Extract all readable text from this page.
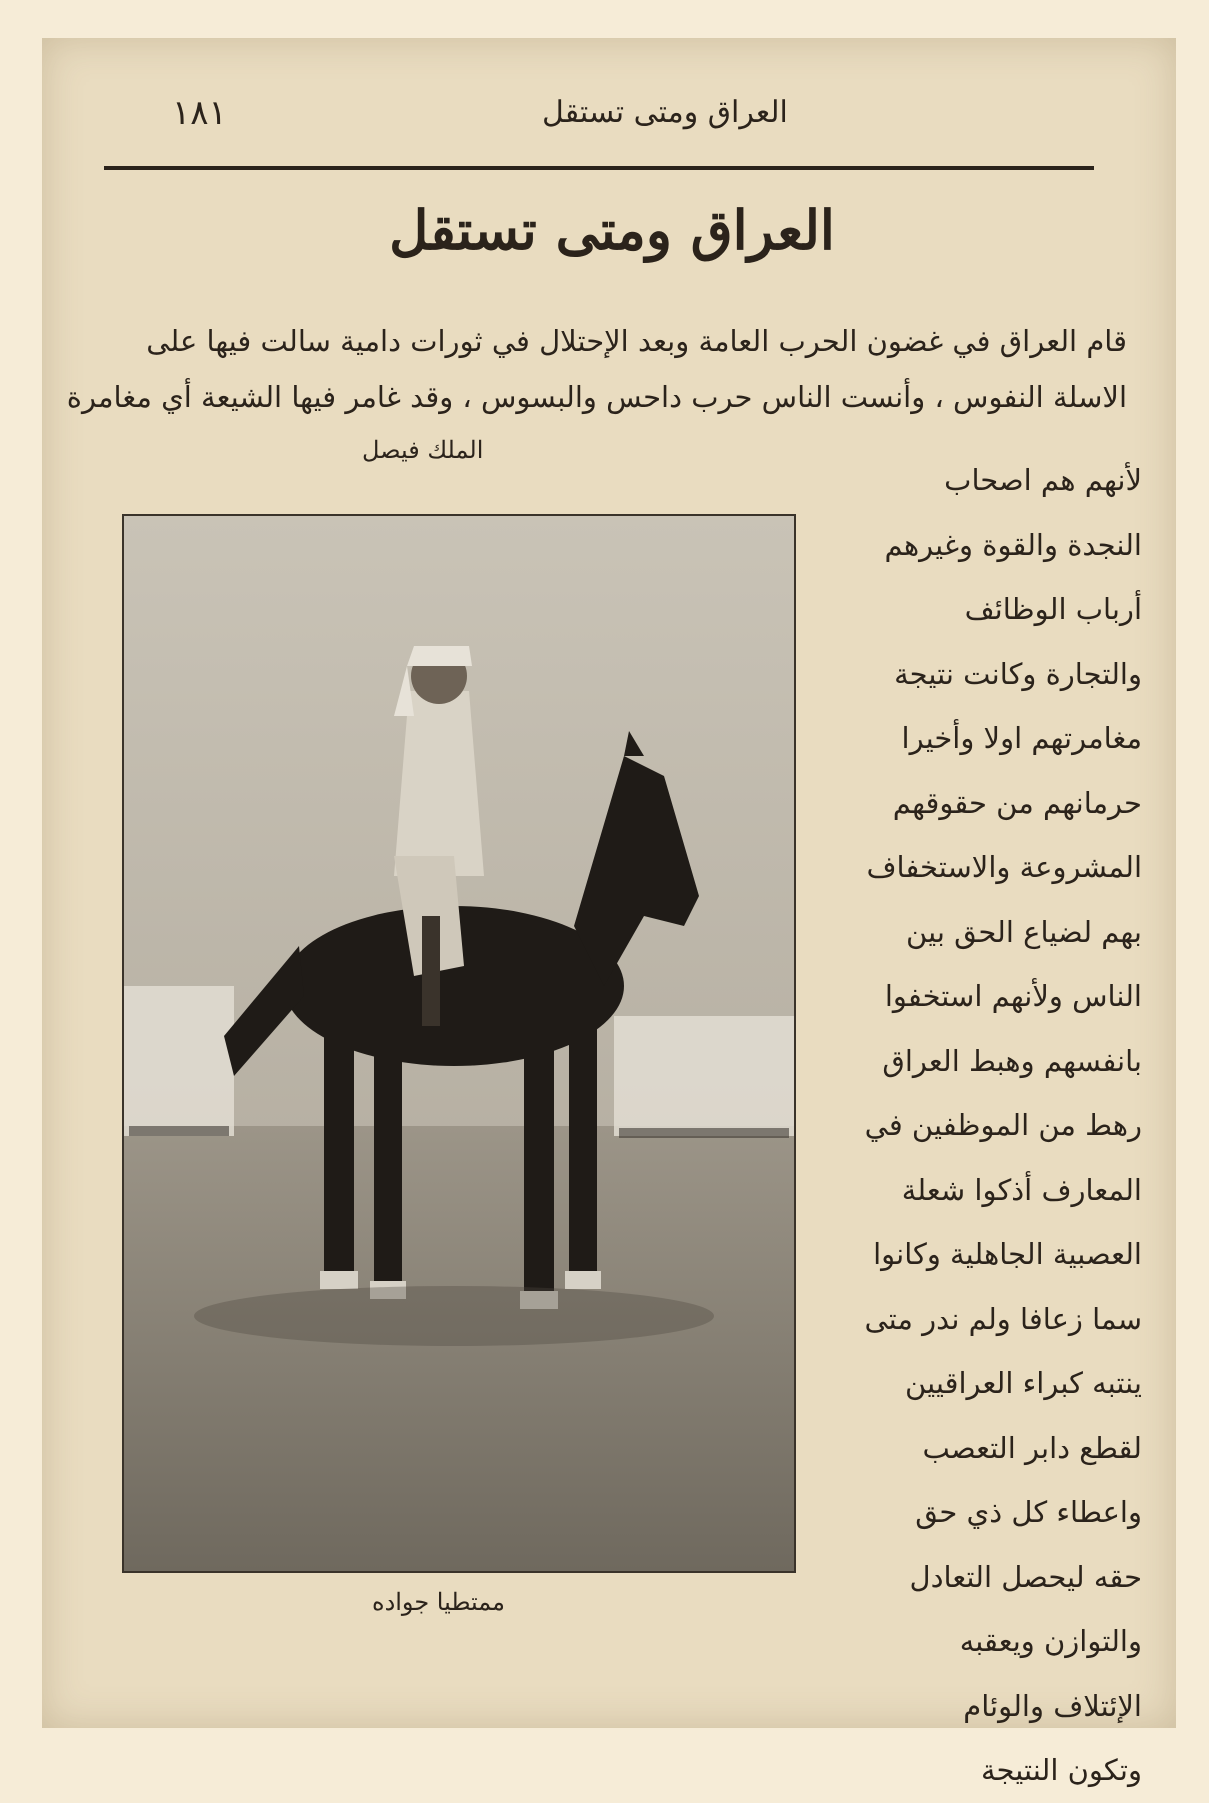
١٨١	العراق ومتى تستقل
العراق ومتى تستقل
قام العراق في غضون الحرب العامة وبعد الإحتلال في ثورات دامية سالت فيها على
الاسلة النفوس ، وأنست الناس حرب داحس والبسوس ، وقد غامر فيها الشيعة أي مغامرة
الملك فيصل
ممتطيا جواده
لأنهم هم اصحاب
النجدة والقوة وغيرهم
أرباب الوظائف
والتجارة وكانت نتيجة
مغامرتهم اولا وأخيرا
حرمانهم من حقوقهم
المشروعة والاستخفاف
بهم لضياع الحق بين
الناس ولأنهم استخفوا
بانفسهم وهبط العراق
رهط من الموظفين في
المعارف أذكوا شعلة
العصبية الجاهلية وكانوا
سما زعافا ولم ندر متى
ينتبه كبراء العراقيين
لقطع دابر التعصب
واعطاء كل ذي حق
حقه ليحصل التعادل
والتوازن ويعقبه
الإئتلاف والوئام
وتكون النتيجة
